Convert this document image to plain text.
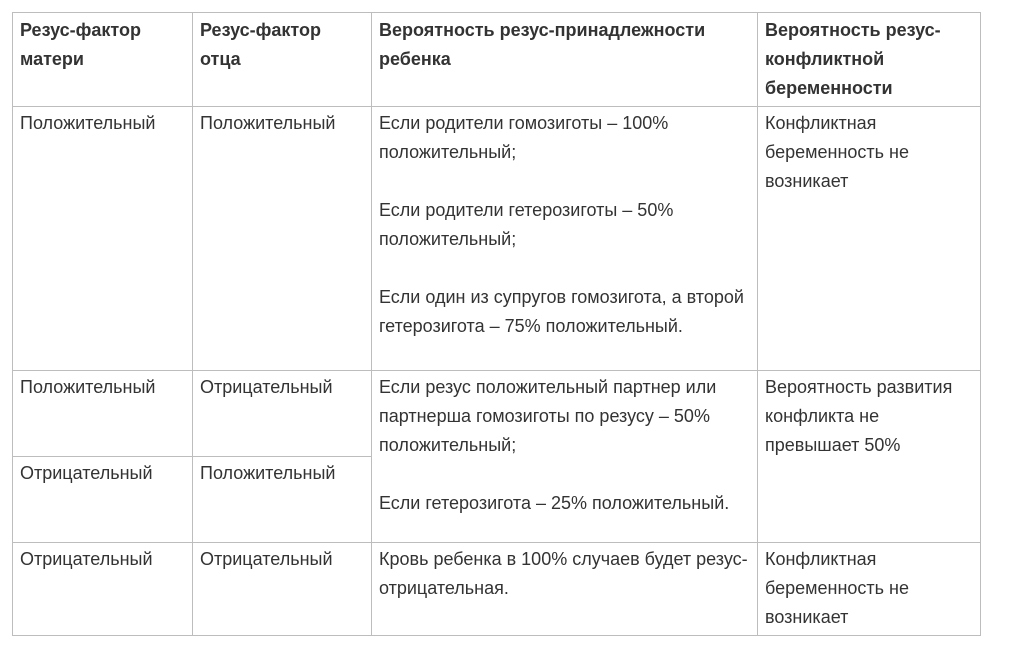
Резус-фактор матери	Резус-фактор отца	Вероятность резус-принадлежности ребенка	Вероятность резус-конфликтной беременности
Положительный	Положительный	Если родители гомозиготы – 100% положительный;

Если родители гетерозиготы – 50% положительный;

Если один из супругов гомозигота, а второй гетерозигота – 75% положительный.	Конфликтная беременность не возникает
Положительный	Отрицательный	Если резус положительный партнер или партнерша гомозиготы по резусу – 50% положительный;

Если гетерозигота – 25% положительный.	Вероятность развития конфликта не превышает 50%
Отрицательный	Положительный		
Отрицательный	Отрицательный	Кровь ребенка в 100% случаев будет резус-отрицательная.	Конфликтная беременность не возникает
